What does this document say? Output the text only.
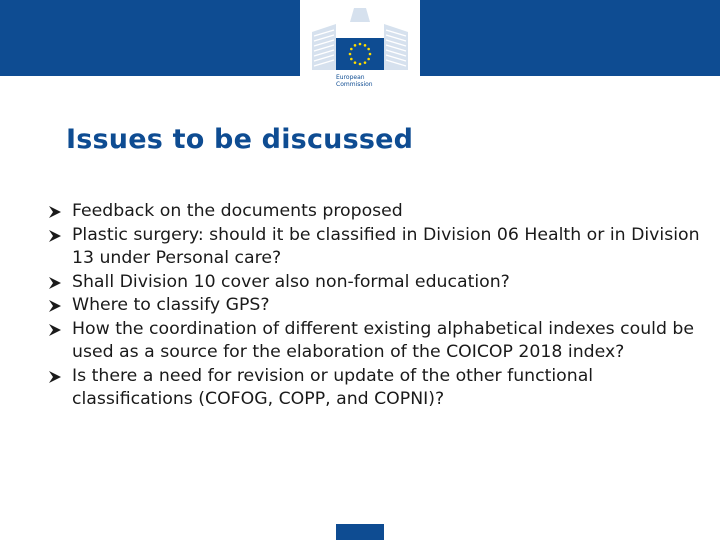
European
Commission
Issues to be discussed
Feedback on the documents proposed
Plastic surgery: should it be classified in Division 06 Health or in Division 13 under Personal care?
Shall Division 10 cover also non-formal education?
Where to classify GPS?
How the coordination of different existing alphabetical indexes could be used as a source for the elaboration of the COICOP 2018 index?
Is there a need for revision or update of the other functional classifications (COFOG, COPP, and COPNI)?
